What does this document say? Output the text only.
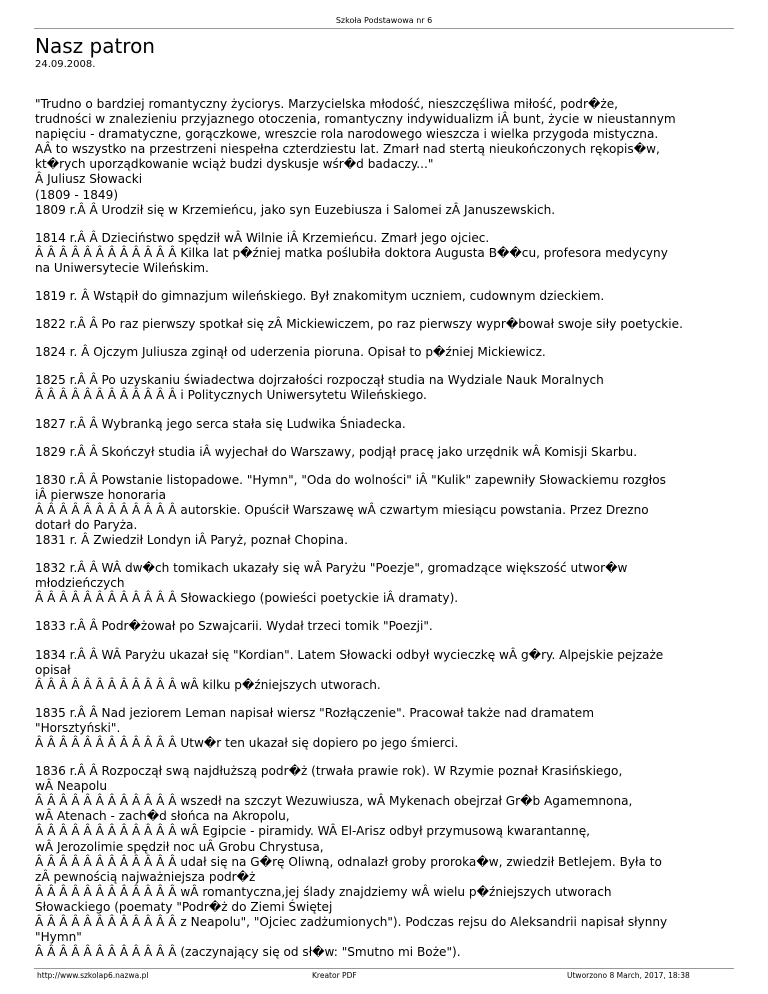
Szkoła Podstawowa nr 6
Nasz patron
24.09.2008.

"Trudno o bardziej romantyczny życiorys. Marzycielska młodość, nieszczęśliwa miłość, podr�że,
trudności w znalezieniu przyjaznego otoczenia, romantyczny indywidualizm iÂ bunt, życie w nieustannym
napięciu - dramatyczne, gorączkowe, wreszcie rola narodowego wieszcza i wielka przygoda mistyczna.
AÂ to wszystko na przestrzeni niespełna czterdziestu lat. Zmarł nad stertą nieukończonych rękopis�w,
kt�rych uporządkowanie wciąż budzi dyskusje wśr�d badaczy..."
Â Juliusz Słowacki
(1809 - 1849)
1809 r.Â Â Urodził się w Krzemieńcu, jako syn Euzebiusza i Salomei zÂ Januszewskich.

1814 r.Â Â Dzieciństwo spędził wÂ Wilnie iÂ Krzemieńcu. Zmarł jego ojciec.
Â Â Â Â Â Â Â Â Â Â Â Â Kilka lat p�źniej matka poślubiła doktora Augusta B��cu, profesora medycyny
na Uniwersytecie Wileńskim.

1819 r. Â Wstąpił do gimnazjum wileńskiego. Był znakomitym uczniem, cudownym dzieckiem.

1822 r.Â Â Po raz pierwszy spotkał się zÂ Mickiewiczem, po raz pierwszy wypr�bował swoje siły poetyckie.

1824 r. Â Ojczym Juliusza zginął od uderzenia pioruna. Opisał to p�źniej Mickiewicz.

1825 r.Â Â Po uzyskaniu świadectwa dojrzałości rozpoczął studia na Wydziale Nauk Moralnych
Â Â Â Â Â Â Â Â Â Â Â Â i Politycznych Uniwersytetu Wileńskiego.

1827 r.Â Â Wybranką jego serca stała się Ludwika Śniadecka.

1829 r.Â Â Skończył studia iÂ wyjechał do Warszawy, podjął pracę jako urzędnik wÂ Komisji Skarbu.

1830 r.Â Â Powstanie listopadowe. "Hymn", "Oda do wolności" iÂ "Kulik" zapewniły Słowackiemu rozgłos
iÂ pierwsze honoraria
Â Â Â Â Â Â Â Â Â Â Â Â autorskie. Opuścił Warszawę wÂ czwartym miesiącu powstania. Przez Drezno
dotarł do Paryża.
1831 r. Â Zwiedził Londyn iÂ Paryż, poznał Chopina.

1832 r.Â Â WÂ dw�ch tomikach ukazały się wÂ Paryżu "Poezje", gromadzące większość utwor�w
młodzieńczych
Â Â Â Â Â Â Â Â Â Â Â Â Słowackiego (powieści poetyckie iÂ dramaty).

1833 r.Â Â Podr�żował po Szwajcarii. Wydał trzeci tomik "Poezji".

1834 r.Â Â WÂ Paryżu ukazał się "Kordian". Latem Słowacki odbył wycieczkę wÂ g�ry. Alpejskie pejzaże
opisał
Â Â Â Â Â Â Â Â Â Â Â Â wÂ kilku p�źniejszych utworach.

1835 r.Â Â Nad jeziorem Leman napisał wiersz "Rozłączenie". Pracował także nad dramatem
"Horsztyński".
Â Â Â Â Â Â Â Â Â Â Â Â Utw�r ten ukazał się dopiero po jego śmierci.

1836 r.Â Â Rozpoczął swą najdłuższą podr�ż (trwała prawie rok). W Rzymie poznał Krasińskiego,
wÂ Neapolu
Â Â Â Â Â Â Â Â Â Â Â Â wszedł na szczyt Wezuwiusza, wÂ Mykenach obejrzał Gr�b Agamemnona,
wÂ Atenach - zach�d słońca na Akropolu,
Â Â Â Â Â Â Â Â Â Â Â Â wÂ Egipcie - piramidy. WÂ El-Arisz odbył przymusową kwarantannę,
wÂ Jerozolimie spędził noc uÂ Grobu Chrystusa,
Â Â Â Â Â Â Â Â Â Â Â Â udał się na G�rę Oliwną, odnalazł groby proroka�w, zwiedził Betlejem. Była to
zÂ pewnością najważniejsza podr�ż
Â Â Â Â Â Â Â Â Â Â Â Â wÂ romantyczna,jej ślady znajdziemy wÂ wielu p�źniejszych utworach
Słowackiego (poematy "Podr�ż do Ziemi Świętej
Â Â Â Â Â Â Â Â Â Â Â Â z Neapolu", "Ojciec zadżumionych"). Podczas rejsu do Aleksandrii napisał słynny
"Hymn"
Â Â Â Â Â Â Â Â Â Â Â Â (zaczynający się od sł�w: "Smutno mi Boże").

http://www.szkolap6.nazwa.pl	Kreator PDF	Utworzono 8 March, 2017, 18:38
